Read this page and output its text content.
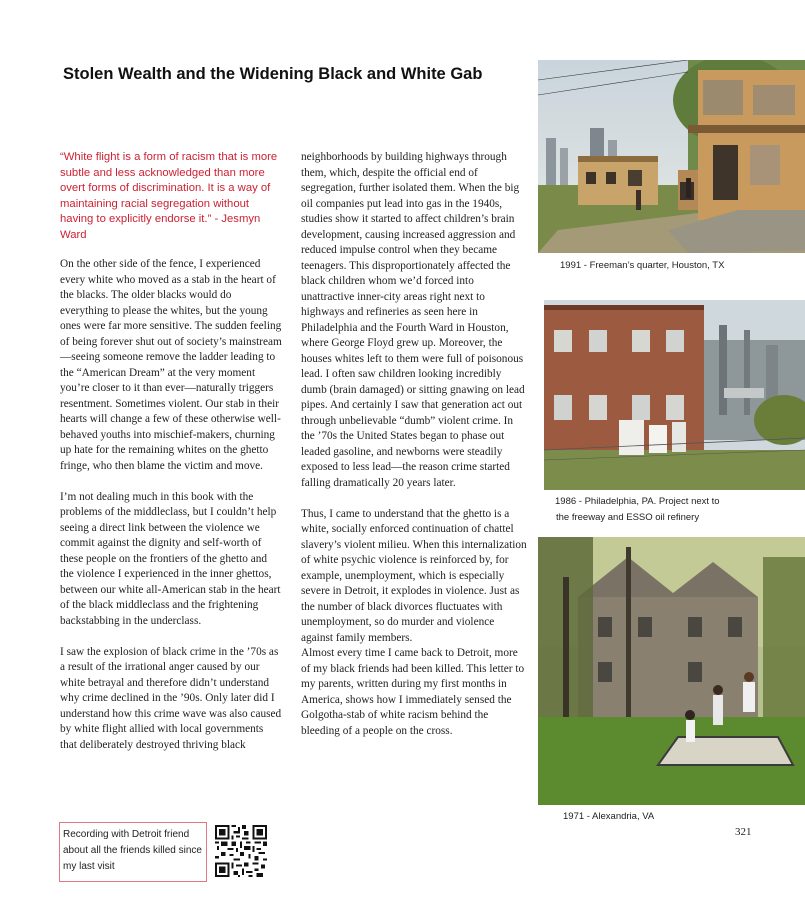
Stolen Wealth and the Widening Black and White Gab

“White flight is a form of racism that is more subtle and less acknowledged than more overt forms of discrimination. It is a way of maintaining racial segregation without having to explicitly endorse it.” - Jesmyn Ward

On the other side of the fence, I experienced every white who moved as a stab in the heart of the blacks. The older blacks would do everything to please the whites, but the young ones were far more sensitive. The sudden feeling of being forever shut out of society’s mainstream—seeing someone remove the ladder leading to the “American Dream” at the very moment you’re closer to it than ever—naturally triggers resentment. Sometimes violent. Our stab in their hearts will change a few of these otherwise well-behaved youths into mischief-makers, churning up hate for the remaining whites on the ghetto fringe, who then blame the victim and move.

I’m not dealing much in this book with the problems of the middleclass, but I couldn’t help seeing a direct link between the violence we commit against the dignity and self-worth of these people on the frontiers of the ghetto and the violence I experienced in the inner ghettos, between our white all-American stab in the heart of the black middleclass and the frightening backstabbing in the underclass.

I saw the explosion of black crime in the ’70s as a result of the irrational anger caused by our white betrayal and therefore didn’t understand why crime declined in the ’90s. Only later did I understand how this crime wave was also caused by white flight allied with local governments that deliberately destroyed thriving black

neighborhoods by building highways through them, which, despite the official end of segregation, further isolated them. When the big oil companies put lead into gas in the 1940s, studies show it started to affect children’s brain development, causing increased aggression and reduced impulse control when they became teenagers. This disproportionately affected the black children whom we’d forced into unattractive inner-city areas right next to highways and refineries as seen here in Philadelphia and the Fourth Ward in Houston, where George Floyd grew up. Moreover, the houses whites left to them were full of poisonous lead. I often saw children looking incredibly dumb (brain damaged) or sitting gnawing on lead pipes. And certainly I saw that generation act out through unbelievable “dumb” violent crime. In the ’70s the United States began to phase out leaded gasoline, and newborns were steadily exposed to less lead—the reason crime started falling dramatically 20 years later.

Thus, I came to understand that the ghetto is a white, socially enforced continuation of chattel slavery’s violent milieu. When this internalization of white psychic violence is reinforced by, for example, unemployment, which is especially severe in Detroit, it explodes in violence. Just as the number of black divorces fluctuates with unemployment, so do murder and violence against family members.

Almost every time I came back to Detroit, more of my black friends had been killed. This letter to my parents, written during my first months in America, shows how I immediately sensed the Golgotha-stab of white racism behind the bleeding of a people on the cross.

Recording with Detroit friend about all the friends killed since my last visit
1991 - Freeman’s quarter, Houston, TX
1986 - Philadelphia, PA. Project next to
the freeway and ESSO oil refinery
1971 - Alexandria, VA
321
